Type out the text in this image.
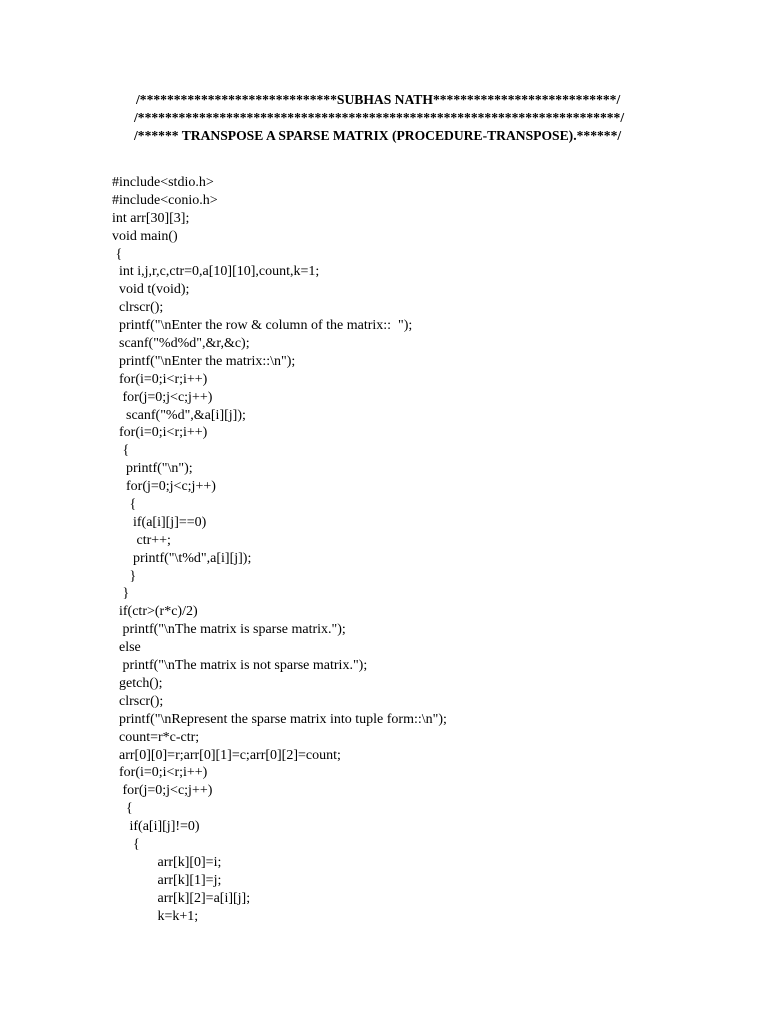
/*****************************SUBHAS NATH***************************/
/***********************************************************************/
/****** TRANSPOSE A SPARSE MATRIX (PROCEDURE-TRANSPOSE).******/
#include<stdio.h>
#include<conio.h>
int arr[30][3];
void main()
{
int i,j,r,c,ctr=0,a[10][10],count,k=1;
void t(void);
clrscr();
printf("\nEnter the row & column of the matrix::  ");
scanf("%d%d",&r,&c);
printf("\nEnter the matrix::\n");
for(i=0;i<r;i++)
for(j=0;j<c;j++)
scanf("%d",&a[i][j]);
for(i=0;i<r;i++)
{
printf("\n");
for(j=0;j<c;j++)
{
if(a[i][j]==0)
ctr++;
printf("\t%d",a[i][j]);
}
}
if(ctr>(r*c)/2)
printf("\nThe matrix is sparse matrix.");
else
printf("\nThe matrix is not sparse matrix.");
getch();
clrscr();
printf("\nRepresent the sparse matrix into tuple form::\n");
count=r*c-ctr;
arr[0][0]=r;arr[0][1]=c;arr[0][2]=count;
for(i=0;i<r;i++)
for(j=0;j<c;j++)
{
if(a[i][j]!=0)
{
arr[k][0]=i;
arr[k][1]=j;
arr[k][2]=a[i][j];
k=k+1;
